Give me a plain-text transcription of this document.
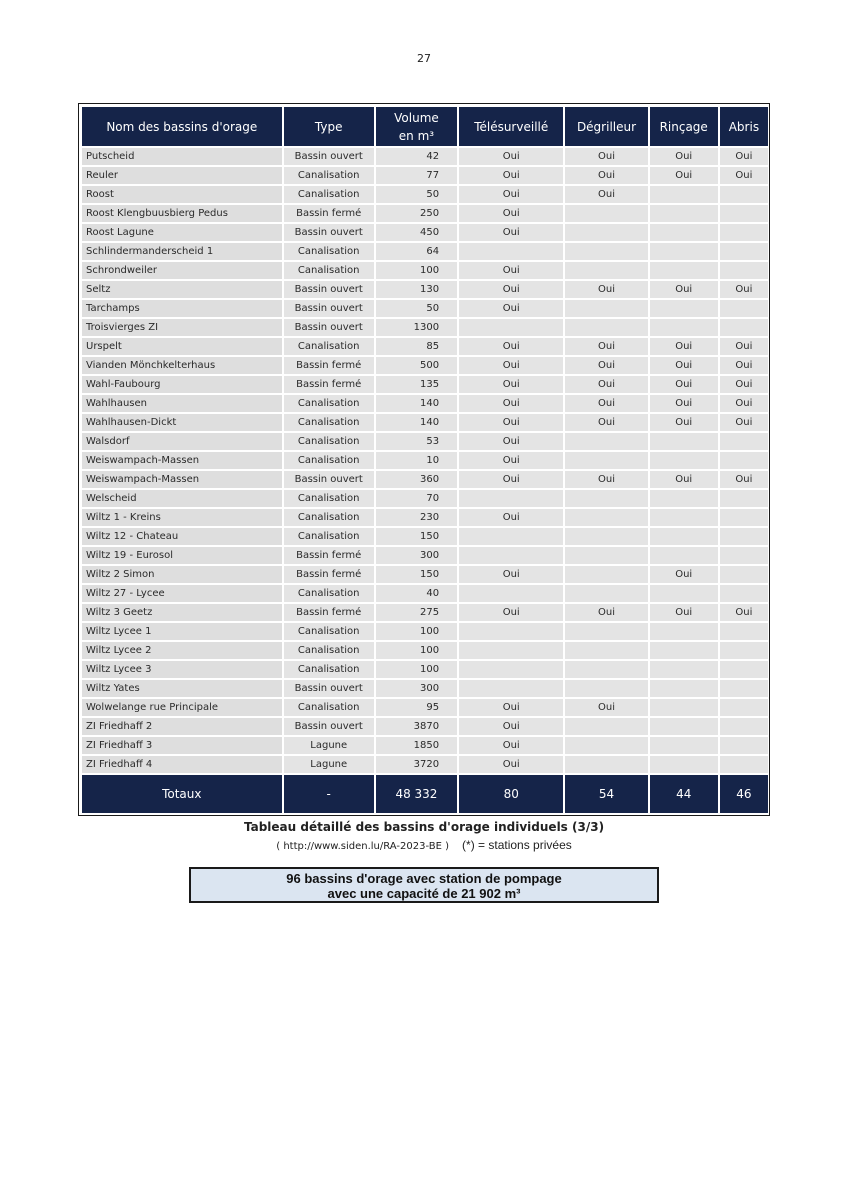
27
Nom des bassins d'orage	Type	Volume
en m³	Télésurveillé	Dégrilleur	Rinçage	Abris
Putscheid	Bassin ouvert	42	Oui	Oui	Oui	Oui
Reuler	Canalisation	77	Oui	Oui	Oui	Oui
Roost	Canalisation	50	Oui	Oui		
Roost Klengbuusbierg Pedus	Bassin fermé	250	Oui			
Roost Lagune	Bassin ouvert	450	Oui			
Schlindermanderscheid 1	Canalisation	64				
Schrondweiler	Canalisation	100	Oui			
Seltz	Bassin ouvert	130	Oui	Oui	Oui	Oui
Tarchamps	Bassin ouvert	50	Oui			
Troisvierges ZI	Bassin ouvert	1300				
Urspelt	Canalisation	85	Oui	Oui	Oui	Oui
Vianden Mönchkelterhaus	Bassin fermé	500	Oui	Oui	Oui	Oui
Wahl-Faubourg	Bassin fermé	135	Oui	Oui	Oui	Oui
Wahlhausen	Canalisation	140	Oui	Oui	Oui	Oui
Wahlhausen-Dickt	Canalisation	140	Oui	Oui	Oui	Oui
Walsdorf	Canalisation	53	Oui			
Weiswampach-Massen	Canalisation	10	Oui			
Weiswampach-Massen	Bassin ouvert	360	Oui	Oui	Oui	Oui
Welscheid	Canalisation	70				
Wiltz 1 - Kreins	Canalisation	230	Oui			
Wiltz 12 - Chateau	Canalisation	150				
Wiltz 19 - Eurosol	Bassin fermé	300				
Wiltz 2 Simon	Bassin fermé	150	Oui		Oui	
Wiltz 27 - Lycee	Canalisation	40				
Wiltz 3 Geetz	Bassin fermé	275	Oui	Oui	Oui	Oui
Wiltz Lycee 1	Canalisation	100				
Wiltz Lycee 2	Canalisation	100				
Wiltz Lycee 3	Canalisation	100				
Wiltz Yates	Bassin ouvert	300				
Wolwelange rue Principale	Canalisation	95	Oui	Oui		
ZI Friedhaff 2	Bassin ouvert	3870	Oui			
ZI Friedhaff 3	Lagune	1850	Oui			
ZI Friedhaff 4	Lagune	3720	Oui			
Totaux	-	48 332	80	54	44	46
Tableau détaillé des bassins d'orage individuels (3/3)
( http://www.siden.lu/RA-2023-BE ) (*) = stations privées
96 bassins d'orage avec station de pompage
avec une capacité de 21 902 m³
